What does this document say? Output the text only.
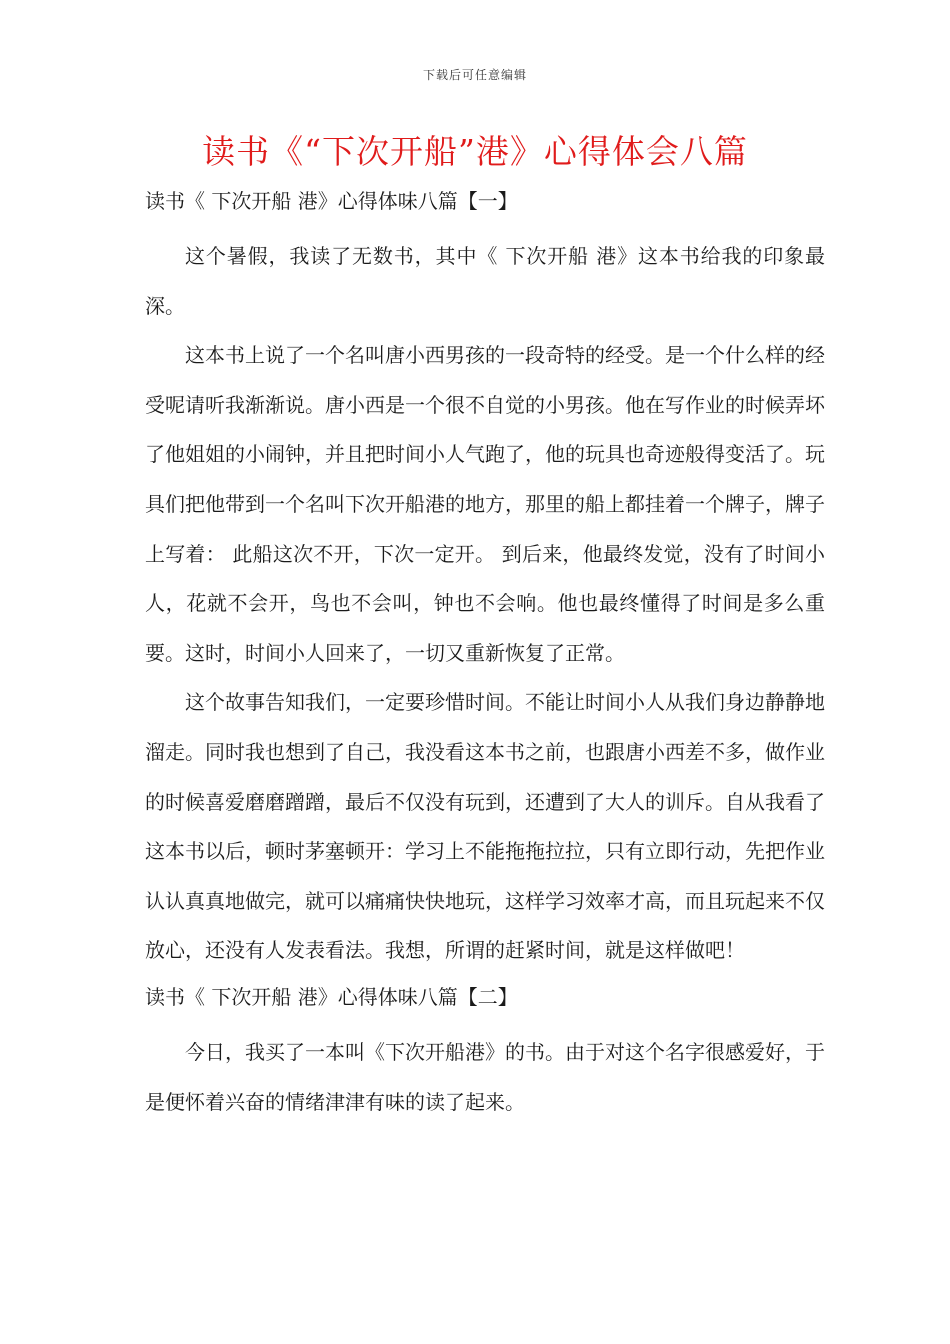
下载后可任意编辑
读书《“下次开船”港》心得体会八篇

读书《 下次开船 港》心得体味八篇【一】

这个暑假，我读了无数书，其中《 下次开船 港》这本书给我的印象最深。

这本书上说了一个名叫唐小西男孩的一段奇特的经受。是一个什么样的经受呢请听我渐渐说。唐小西是一个很不自觉的小男孩。他在写作业的时候弄坏了他姐姐的小闹钟，并且把时间小人气跑了，他的玩具也奇迹般得变活了。玩具们把他带到一个名叫下次开船港的地方，那里的船上都挂着一个牌子，牌子上写着： 此船这次不开，下次一定开。 到后来，他最终发觉，没有了时间小人，花就不会开，鸟也不会叫，钟也不会响。他也最终懂得了时间是多么重要。这时，时间小人回来了，一切又重新恢复了正常。

这个故事告知我们，一定要珍惜时间。不能让时间小人从我们身边静静地溜走。同时我也想到了自己，我没看这本书之前，也跟唐小西差不多，做作业的时候喜爱磨磨蹭蹭，最后不仅没有玩到，还遭到了大人的训斥。自从我看了这本书以后，顿时茅塞顿开：学习上不能拖拖拉拉，只有立即行动，先把作业认认真真地做完，就可以痛痛快快地玩，这样学习效率才高，而且玩起来不仅放心，还没有人发表看法。我想，所谓的赶紧时间，就是这样做吧！

读书《 下次开船 港》心得体味八篇【二】

今日，我买了一本叫《下次开船港》的书。由于对这个名字很感爱好，于是便怀着兴奋的情绪津津有味的读了起来。
